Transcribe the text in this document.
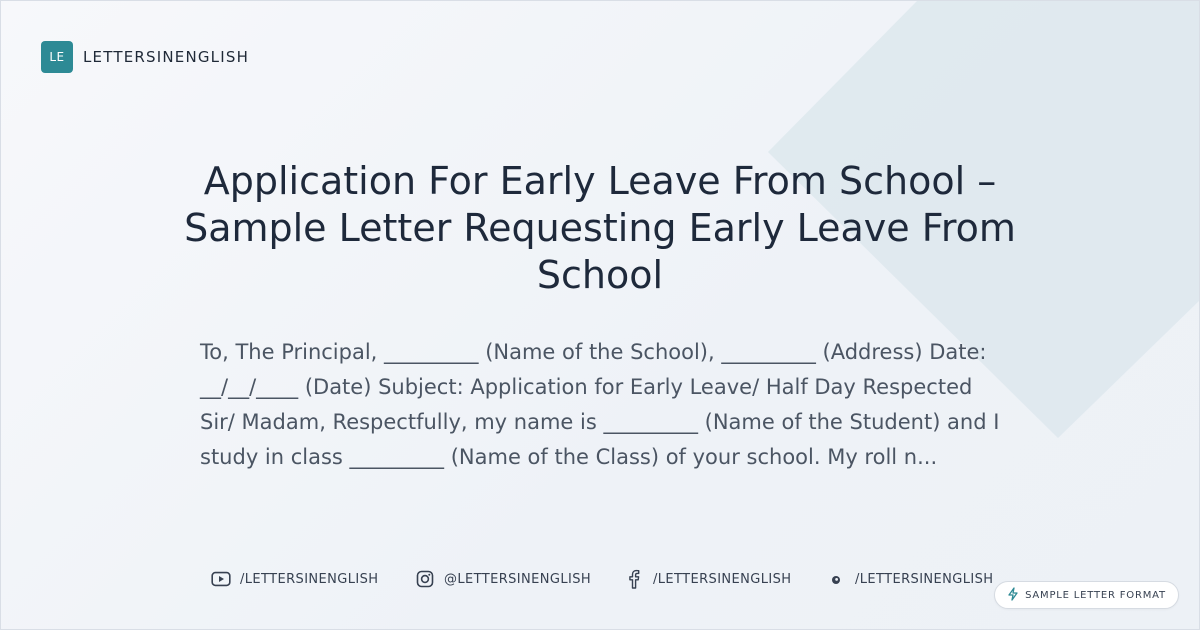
LE	LETTERSINENGLISH
Application For Early Leave From School – Sample Letter Requesting Early Leave From School

To, The Principal, _________ (Name of the School), _________ (Address) Date: __/__/____ (Date) Subject: Application for Early Leave/ Half Day Respected Sir/ Madam, Respectfully, my name is _________ (Name of the Student) and I study in class _________ (Name of the Class) of your school. My roll n...

/LETTERSINENGLISH	@LETTERSINENGLISH	/LETTERSINENGLISH	/LETTERSINENGLISH
SAMPLE LETTER FORMAT
